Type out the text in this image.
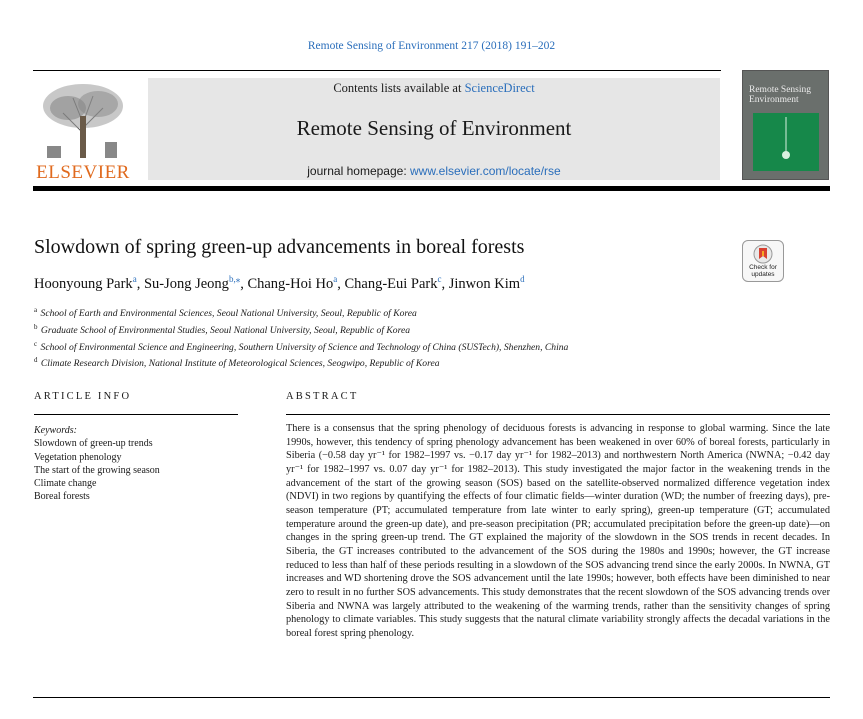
Remote Sensing of Environment 217 (2018) 191–202
ELSEVIER
Contents lists available at ScienceDirect
Remote Sensing of Environment
journal homepage: www.elsevier.com/locate/rse
Remote Sensing Environment
Slowdown of spring green-up advancements in boreal forests
Check for updates
Hoonyoung Park$^a$, Su-Jong Jeong$^{b,⁎}$, Chang-Hoi Ho$^a$, Chang-Eui Park$^c$, Jinwon Kim$^d$
$^a$ School of Earth and Environmental Sciences, Seoul National University, Seoul, Republic of Korea
$^b$ Graduate School of Environmental Studies, Seoul National University, Seoul, Republic of Korea
$^c$ School of Environmental Science and Engineering, Southern University of Science and Technology of China (SUSTech), Shenzhen, China
$^d$ Climate Research Division, National Institute of Meteorological Sciences, Seogwipo, Republic of Korea
ARTICLE INFO	ABSTRACT
Keywords:
Slowdown of green-up trends
Vegetation phenology
The start of the growing season
Climate change
Boreal forests
There is a consensus that the spring phenology of deciduous forests is advancing in response to global warming. Since the late 1990s, however, this tendency of spring phenology advancement has been weakened in over 60% of boreal forests, particularly in Siberia (−0.58 day yr⁻¹ for 1982–1997 vs. −0.17 day yr⁻¹ for 1982–2013) and northwestern North America (NWNA; −0.42 day yr⁻¹ for 1982–1997 vs. 0.07 day yr⁻¹ for 1982–2013). This study investigated the major factor in the weakening trends in the advancement of the start of the growing season (SOS) based on the satellite-observed normalized difference vegetation index (NDVI) in two regions by quantifying the effects of four climatic fields—winter duration (WD; the number of freezing days), pre-season temperature (PT; accumulated temperature from late winter to early spring), green-up temperature (GT; accumulated temperature around the green-up date), and pre-season precipitation (PR; accumulated precipitation before the green-up date)—on changes in the spring green-up trend. The GT explained the majority of the slowdown in the SOS trends in recent decades. In Siberia, the GT increases contributed to the advancement of the SOS during the 1980s and 1990s; however, the GT increase reduced to less than half of these periods resulting in a slowdown of the SOS advancing trend since the early 2000s. In NWNA, GT increases and WD shortening drove the SOS advancement until the late 1990s; however, both effects have been diminished to near zero to result in no further SOS advancements. This study demonstrates that the recent slowdown of the SOS advancing trends over Siberia and NWNA was largely attributed to the weakening of the warming trends, rather than the sensitivity changes of spring phenology to climate variables. This study suggests that the natural climate variability strongly affects the decadal variations in the boreal forest spring phenology.
